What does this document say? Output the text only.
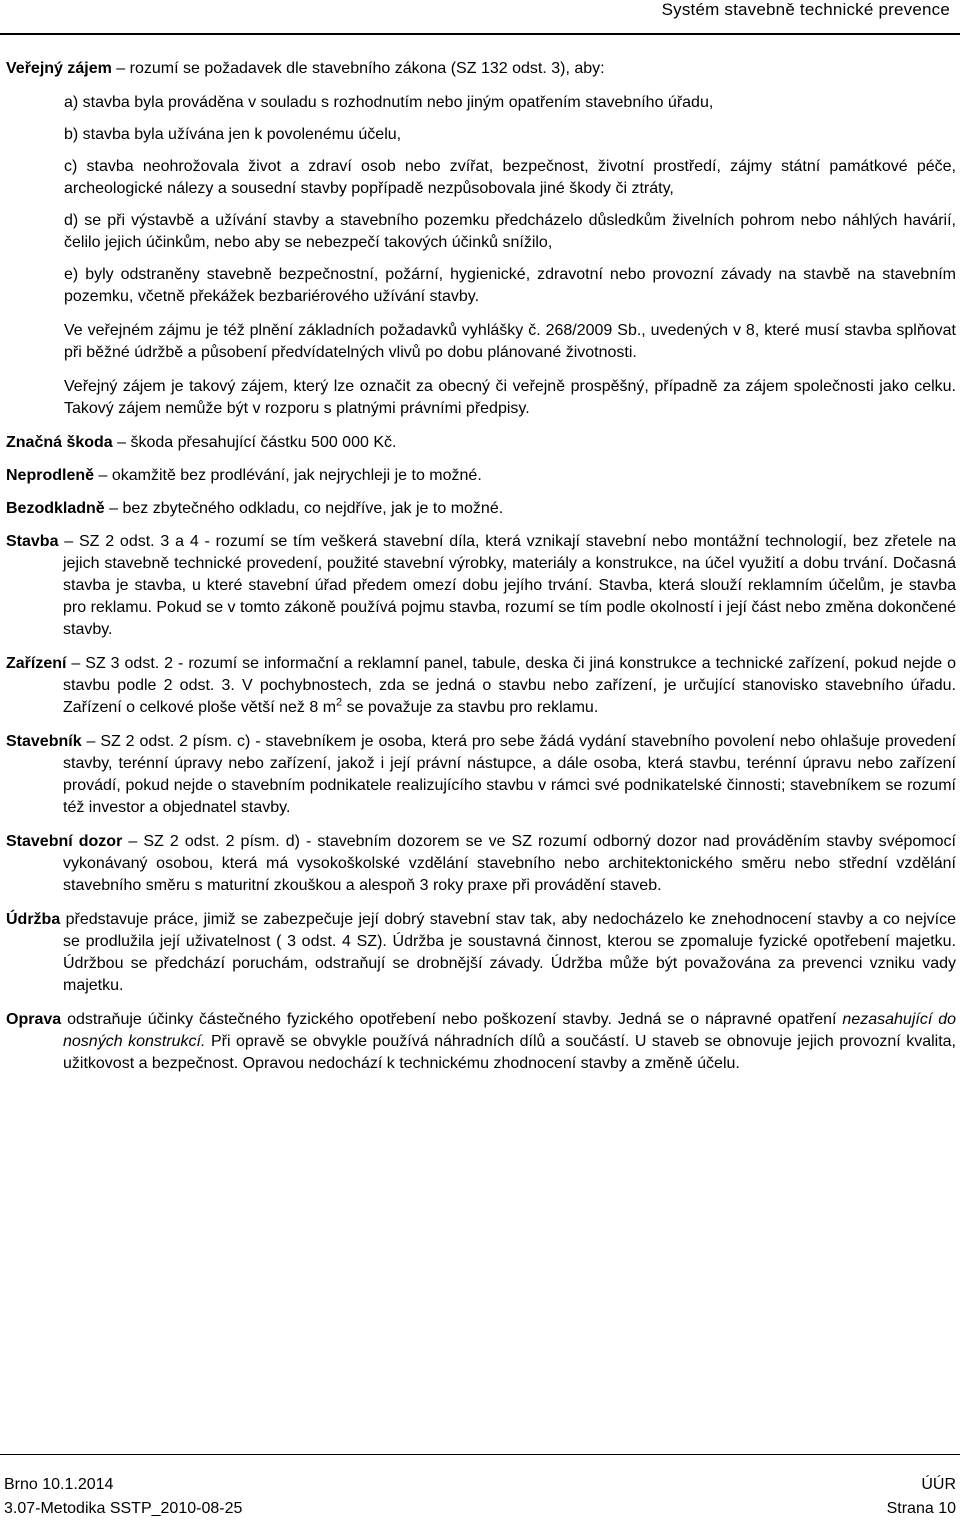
Systém stavebně technické prevence

Veřejný zájem – rozumí se požadavek dle stavebního zákona (SZ 132 odst. 3), aby:

a) stavba byla prováděna v souladu s rozhodnutím nebo jiným opatřením stavebního úřadu,

b) stavba byla užívána jen k povolenému účelu,

c) stavba neohrožovala život a zdraví osob nebo zvířat, bezpečnost, životní prostředí, zájmy státní památkové péče, archeologické nálezy a sousední stavby popřípadě nezpůsobovala jiné škody či ztráty,

d) se při výstavbě a užívání stavby a stavebního pozemku předcházelo důsledkům živelních pohrom nebo náhlých havárií, čelilo jejich účinkům, nebo aby se nebezpečí takových účinků snížilo,

e) byly odstraněny stavebně bezpečnostní, požární, hygienické, zdravotní nebo provozní závady na stavbě na stavebním pozemku, včetně překážek bezbariérového užívání stavby.

Ve veřejném zájmu je též plnění základních požadavků vyhlášky č. 268/2009 Sb., uvedených v 8, které musí stavba splňovat při běžné údržbě a působení předvídatelných vlivů po dobu plánované životnosti.

Veřejný zájem je takový zájem, který lze označit za obecný či veřejně prospěšný, případně za zájem společnosti jako celku. Takový zájem nemůže být v rozporu s platnými právními předpisy.

Značná škoda – škoda přesahující částku 500 000 Kč.

Neprodleně – okamžitě bez prodlévání, jak nejrychleji je to možné.

Bezodkladně – bez zbytečného odkladu, co nejdříve, jak je to možné.

Stavba – SZ 2 odst. 3 a 4 - rozumí se tím veškerá stavební díla, která vznikají stavební nebo montážní technologií, bez zřetele na jejich stavebně technické provedení, použité stavební výrobky, materiály a konstrukce, na účel využití a dobu trvání. Dočasná stavba je stavba, u které stavební úřad předem omezí dobu jejího trvání. Stavba, která slouží reklamním účelům, je stavba pro reklamu. Pokud se v tomto zákoně používá pojmu stavba, rozumí se tím podle okolností i její část nebo změna dokončené stavby.

Zařízení – SZ 3 odst. 2 - rozumí se informační a reklamní panel, tabule, deska či jiná konstrukce a technické zařízení, pokud nejde o stavbu podle 2 odst. 3. V pochybnostech, zda se jedná o stavbu nebo zařízení, je určující stanovisko stavebního úřadu. Zařízení o celkové ploše větší než 8 $m^2$ se považuje za stavbu pro reklamu.

Stavebník – SZ 2 odst. 2 písm. c) - stavebníkem je osoba, která pro sebe žádá vydání stavebního povolení nebo ohlašuje provedení stavby, terénní úpravy nebo zařízení, jakož i její právní nástupce, a dále osoba, která stavbu, terénní úpravu nebo zařízení provádí, pokud nejde o stavebním podnikatele realizujícího stavbu v rámci své podnikatelské činnosti; stavebníkem se rozumí též investor a objednatel stavby.

Stavební dozor – SZ 2 odst. 2 písm. d) - stavebním dozorem se ve SZ rozumí odborný dozor nad prováděním stavby svépomocí vykonávaný osobou, která má vysokoškolské vzdělání stavebního nebo architektonického směru nebo střední vzdělání stavebního směru s maturitní zkouškou a alespoň 3 roky praxe při provádění staveb.

Údržba představuje práce, jimiž se zabezpečuje její dobrý stavební stav tak, aby nedocházelo ke znehodnocení stavby a co nejvíce se prodlužila její uživatelnost ( 3 odst. 4 SZ). Údržba je soustavná činnost, kterou se zpomaluje fyzické opotřebení majetku. Údržbou se předchází poruchám, odstraňují se drobnější závady. Údržba může být považována za prevenci vzniku vady majetku.

Oprava odstraňuje účinky částečného fyzického opotřebení nebo poškození stavby. Jedná se o nápravné opatření nezasahující do nosných konstrukcí. Při opravě se obvykle používá náhradních dílů a součástí. U staveb se obnovuje jejich provozní kvalita, užitkovost a bezpečnost. Opravou nedochází k technickému zhodnocení stavby a změně účelu.

Brno 10.1.2014
3.07-Metodika SSTP_2010-08-25
ÚÚR
Strana 10
